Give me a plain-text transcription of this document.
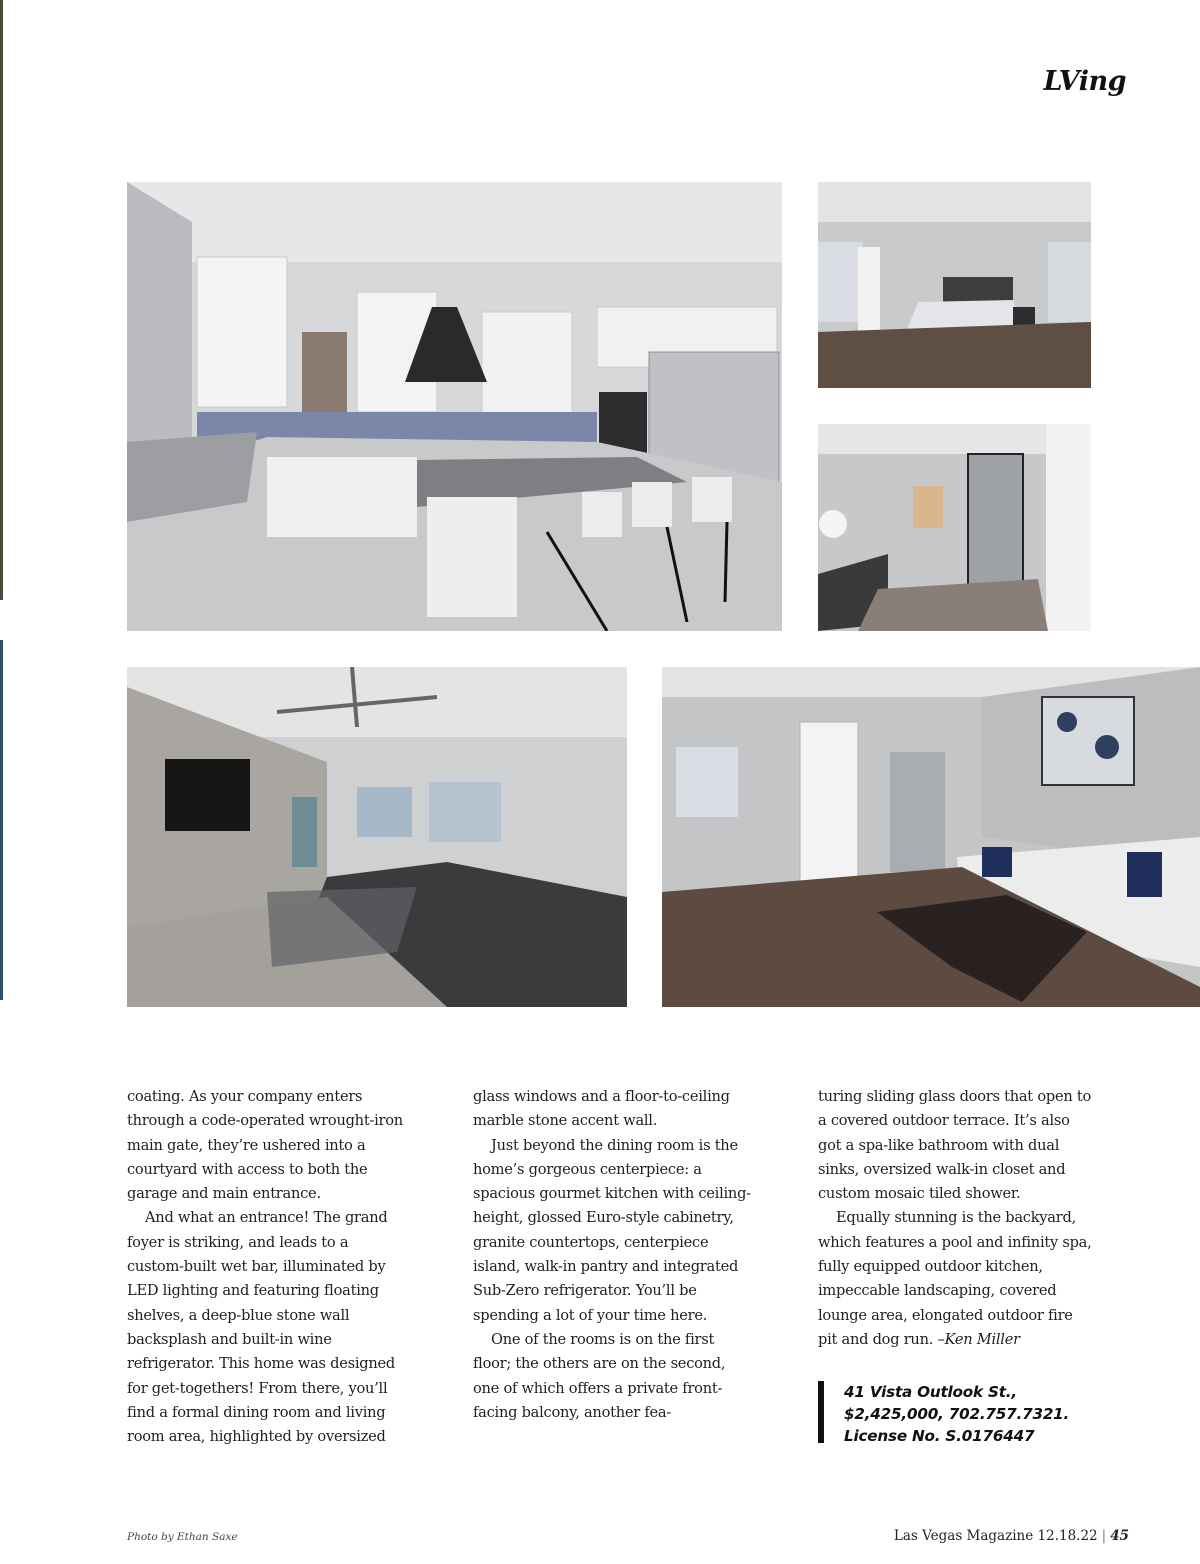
LVing

coating. As your company enters through a code-operated wrought-iron main gate, they’re ushered into a courtyard with access to both the garage and main entrance.

And what an entrance! The grand foyer is striking, and leads to a custom-built wet bar, illuminated by LED lighting and featuring floating shelves, a deep-blue stone wall backsplash and built-in wine refrigerator. This home was designed for get-togethers! From there, you’ll find a formal dining room and living room area, highlighted by oversized

glass windows and a floor-to-ceiling marble stone accent wall.

Just beyond the dining room is the home’s gorgeous centerpiece: a spacious gourmet kitchen with ceiling-height, glossed Euro-style cabinetry, granite countertops, centerpiece island, walk-in pantry and integrated Sub-Zero refrigerator. You’ll be spending a lot of your time here.

One of the rooms is on the first floor; the others are on the second, one of which offers a private front-facing balcony, another fea-

turing sliding glass doors that open to a covered outdoor terrace. It’s also got a spa-like bathroom with dual sinks, oversized walk-in closet and custom mosaic tiled shower.

Equally stunning is the backyard, which features a pool and infinity spa, fully equipped outdoor kitchen, impeccable landscaping, covered lounge area, elongated outdoor fire pit and dog run. –Ken Miller

41 Vista Outlook St.,
$2,425,000, 702.757.7321.
License No. S.0176447
Photo by Ethan Saxe	Las Vegas Magazine 12.18.22 | 45
